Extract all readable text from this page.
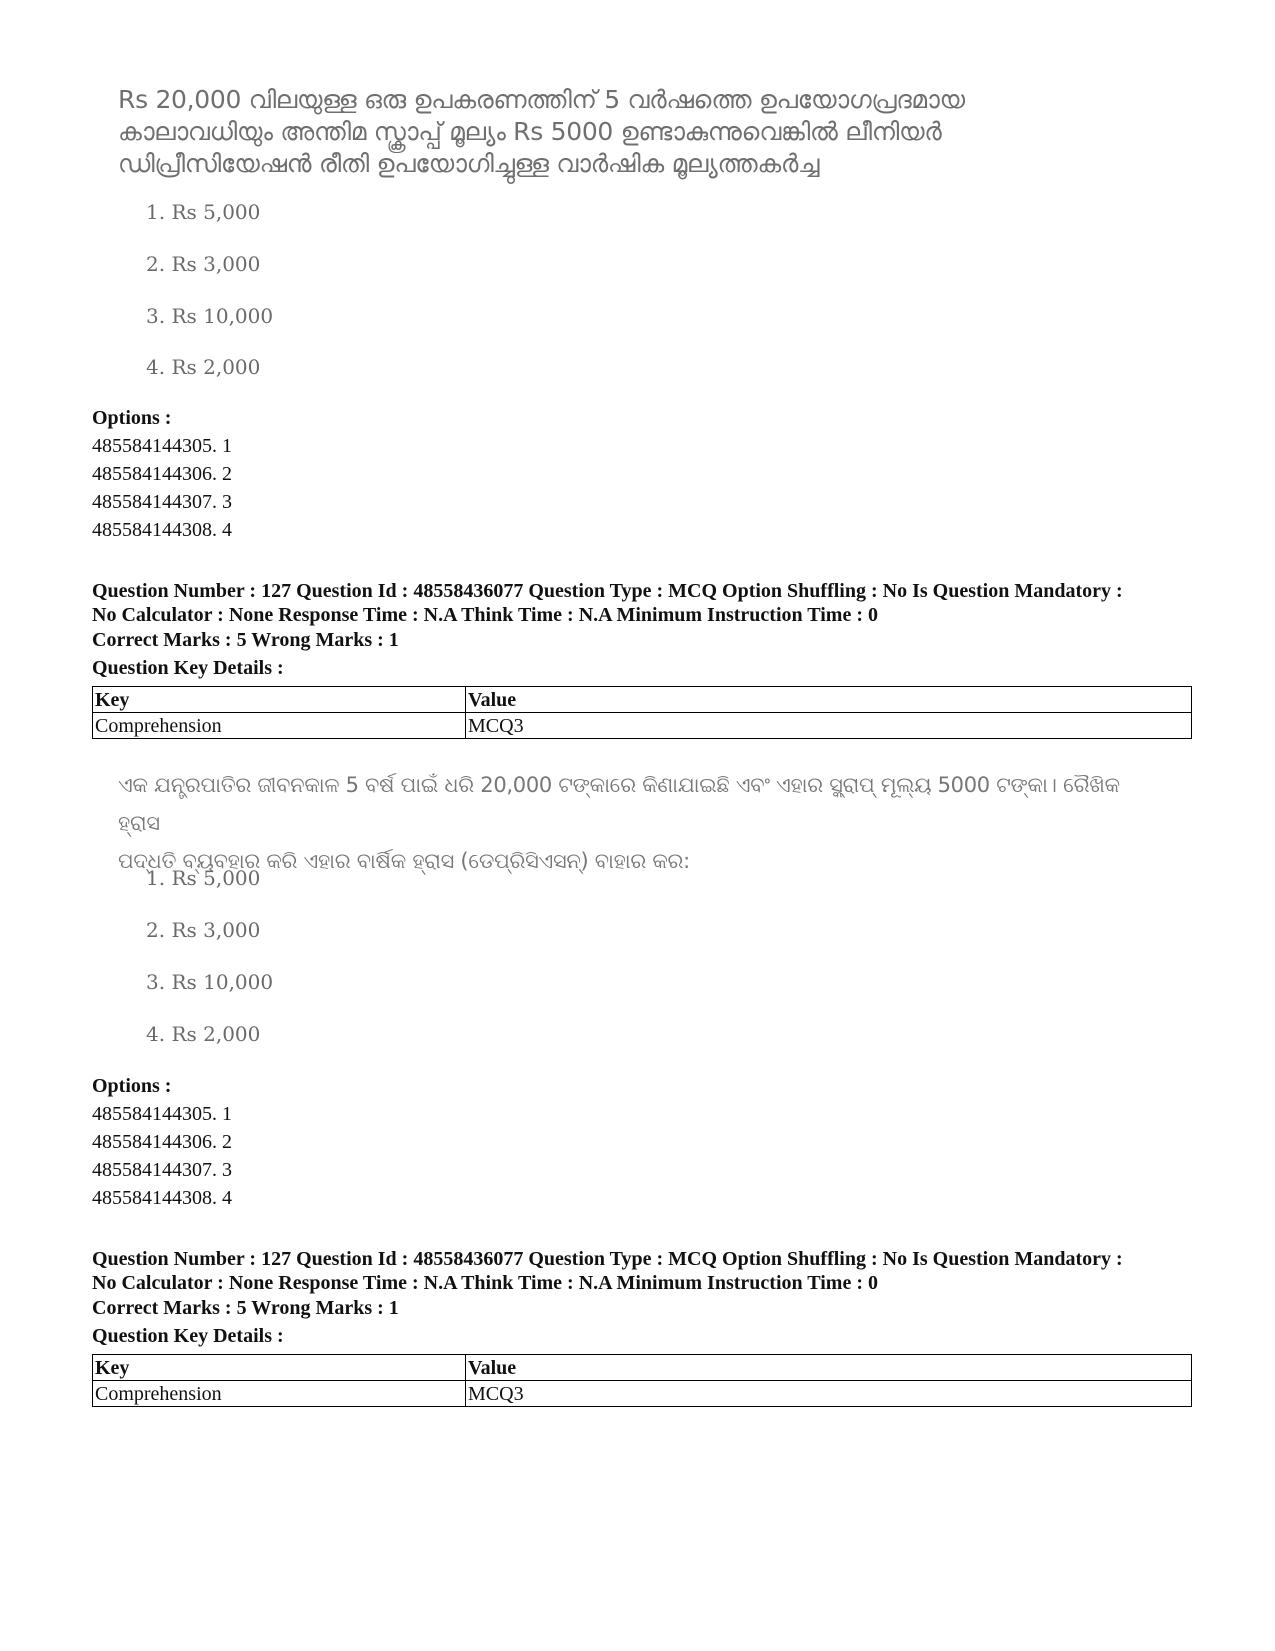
Rs 20,000 വിലയുള്ള ഒരു ഉപകരണത്തിന് 5 വർഷത്തെ ഉപയോഗപ്രദമായ

കാലാവധിയും അന്തിമ സ്ക്രാപ്പ് മൂല്യം Rs 5000 ഉണ്ടാകുന്നുവെങ്കിൽ ലീനിയർ

ഡിപ്രീസിയേഷൻ രീതി ഉപയോഗിച്ചുള്ള വാർഷിക മൂല്യത്തകർച്ച

1. Rs 5,000
2. Rs 3,000
3. Rs 10,000
4. Rs 2,000

Options :

485584144305. 1

485584144306. 2

485584144307. 3

485584144308. 4

Question Number : 127 Question Id : 48558436077 Question Type : MCQ Option Shuffling : No Is Question Mandatory :

No Calculator : None Response Time : N.A Think Time : N.A Minimum Instruction Time : 0

Correct Marks : 5 Wrong Marks : 1
Question Key Details :
Key	Value
Comprehension	MCQ3

ଏକ ଯନ୍ତ୍ରପାତିର ଜୀବନକାଳ 5 ବର୍ଷ ପାଇଁ ଧରି 20,000 ଟଙ୍କାରେ କିଣାଯାଇଛି ଏବଂ ଏହାର ସ୍କ୍ରାପ୍ ମୂଲ୍ୟ 5000 ଟଙ୍କା। ରୈଖିକ ହ୍ରାସ

ପଦ୍ଧତି ବ୍ୟବହାର କରି ଏହାର ବାର୍ଷିକ ହ୍ରାସ (ଡେପ୍ରିସିଏସନ୍) ବାହାର କର:

1. Rs 5,000
2. Rs 3,000
3. Rs 10,000
4. Rs 2,000

Options :

485584144305. 1

485584144306. 2

485584144307. 3

485584144308. 4

Question Number : 127 Question Id : 48558436077 Question Type : MCQ Option Shuffling : No Is Question Mandatory :

No Calculator : None Response Time : N.A Think Time : N.A Minimum Instruction Time : 0

Correct Marks : 5 Wrong Marks : 1
Question Key Details :
Key	Value
Comprehension	MCQ3
